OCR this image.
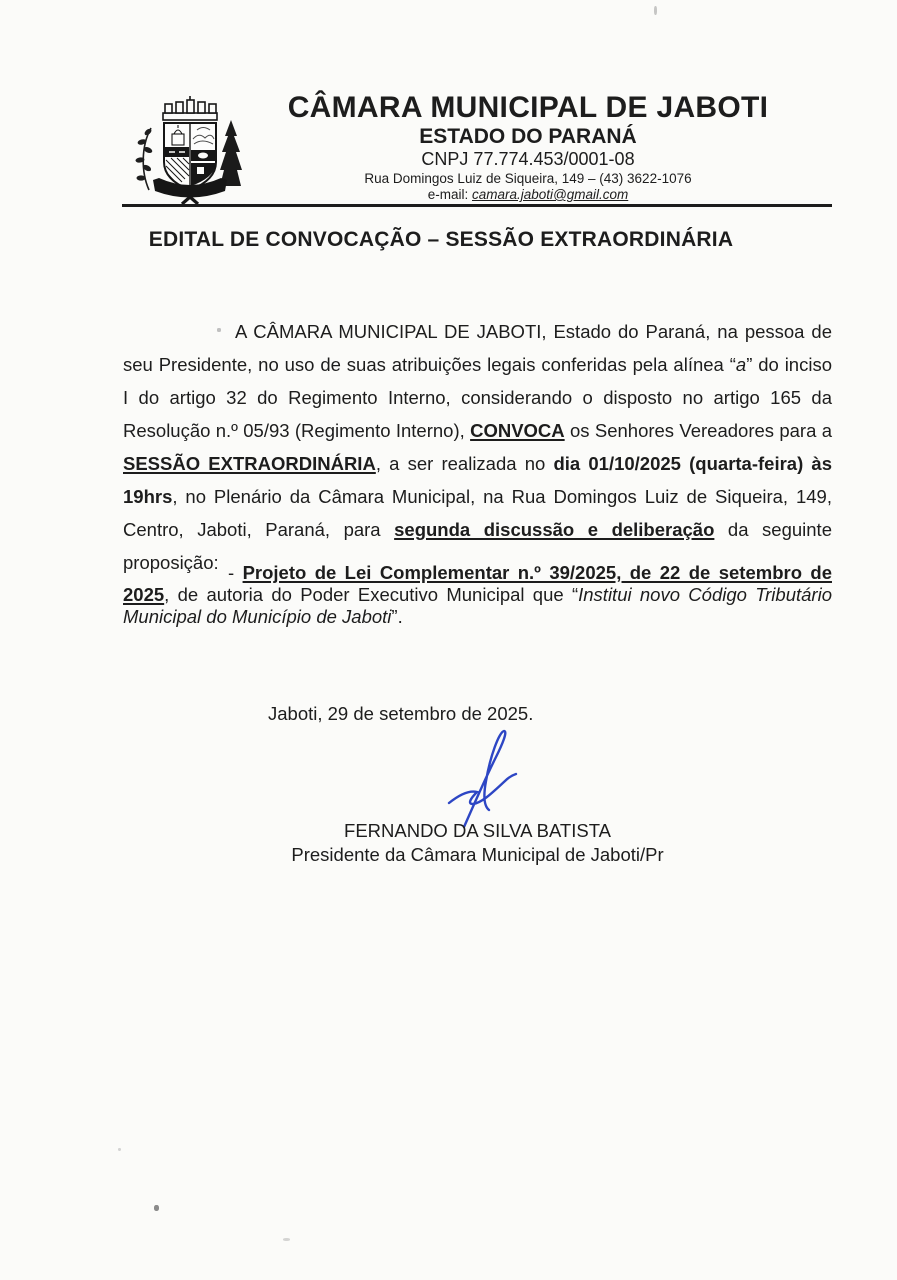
CÂMARA MUNICIPAL DE JABOTI
ESTADO DO PARANÁ
CNPJ 77.774.453/0001-08
Rua Domingos Luiz de Siqueira, 149 – (43) 3622-1076
e-mail: camara.jaboti@gmail.com
EDITAL DE CONVOCAÇÃO – SESSÃO EXTRAORDINÁRIA

A CÂMARA MUNICIPAL DE JABOTI, Estado do Paraná, na pessoa de seu Presidente, no uso de suas atribuições legais conferidas pela alínea “a” do inciso I do artigo 32 do Regimento Interno, considerando o disposto no artigo 165 da Resolução n.º 05/93 (Regimento Interno), CONVOCA os Senhores Vereadores para a SESSÃO EXTRAORDINÁRIA, a ser realizada no dia 01/10/2025 (quarta-feira) às 19hrs, no Plenário da Câmara Municipal, na Rua Domingos Luiz de Siqueira, 149, Centro, Jaboti, Paraná, para segunda discussão e deliberação da seguinte proposição: - Projeto de Lei Complementar n.º 39/2025, de 22 de setembro de 2025, de autoria do Poder Executivo Municipal que “Institui novo Código Tributário Municipal do Município de Jaboti”.

Jaboti, 29 de setembro de 2025.

FERNANDO DA SILVA BATISTA
Presidente da Câmara Municipal de Jaboti/Pr
